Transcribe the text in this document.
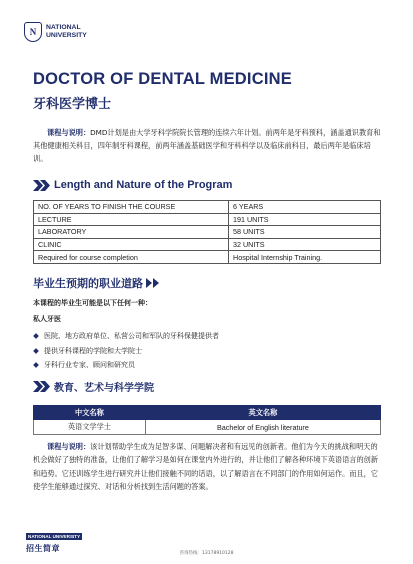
N NATIONAL
UNIVERSITY
DOCTOR OF DENTAL MEDICINE
牙科医学博士
课程与说明：DMD计划是由大学牙科学院院长管理的连续六年计划。前两年是牙科预科，涵盖通识教育和其他健康相关科目，四年制牙科课程，前两年涵盖基础医学和牙科科学以及临床前科目，最后两年是临床培训。
Length and Nature of the Program
NO. OF YEARS TO FINISH THE COURSE	6 YEARS
LECTURE	191 UNITS
LABORATORY	58 UNITS
CLINIC	32 UNITS
Required for course completion	Hospital Internship Training.
毕业生预期的职业道路
本课程的毕业生可能是以下任何一种：
私人牙医
医院、地方政府单位、私营公司和军队的牙科保健提供者
提供牙科课程的学院和大学院士
牙科行业专家、顾问和研究员
教育、艺术与科学学院
中文名称	英文名称
英语文学学士	Bachelor of English literature
课程与说明：该计划帮助学生成为足智多谋、问题解决者和有远见的创新者。他们为今天的挑战和明天的机会做好了独特的准备，让他们了解学习是如何在课堂内外进行的，并让他们了解各种环境下英语语言的创新和趋势。它还训练学生进行研究并让他们接触不同的话语，以了解语言在不同部门的作用如何运作。而且，它使学生能够通过探究、对话和分析找到生活问题的答案。
NATIONAL UNIVERSITY
招生简章
咨询热线：13178910128
